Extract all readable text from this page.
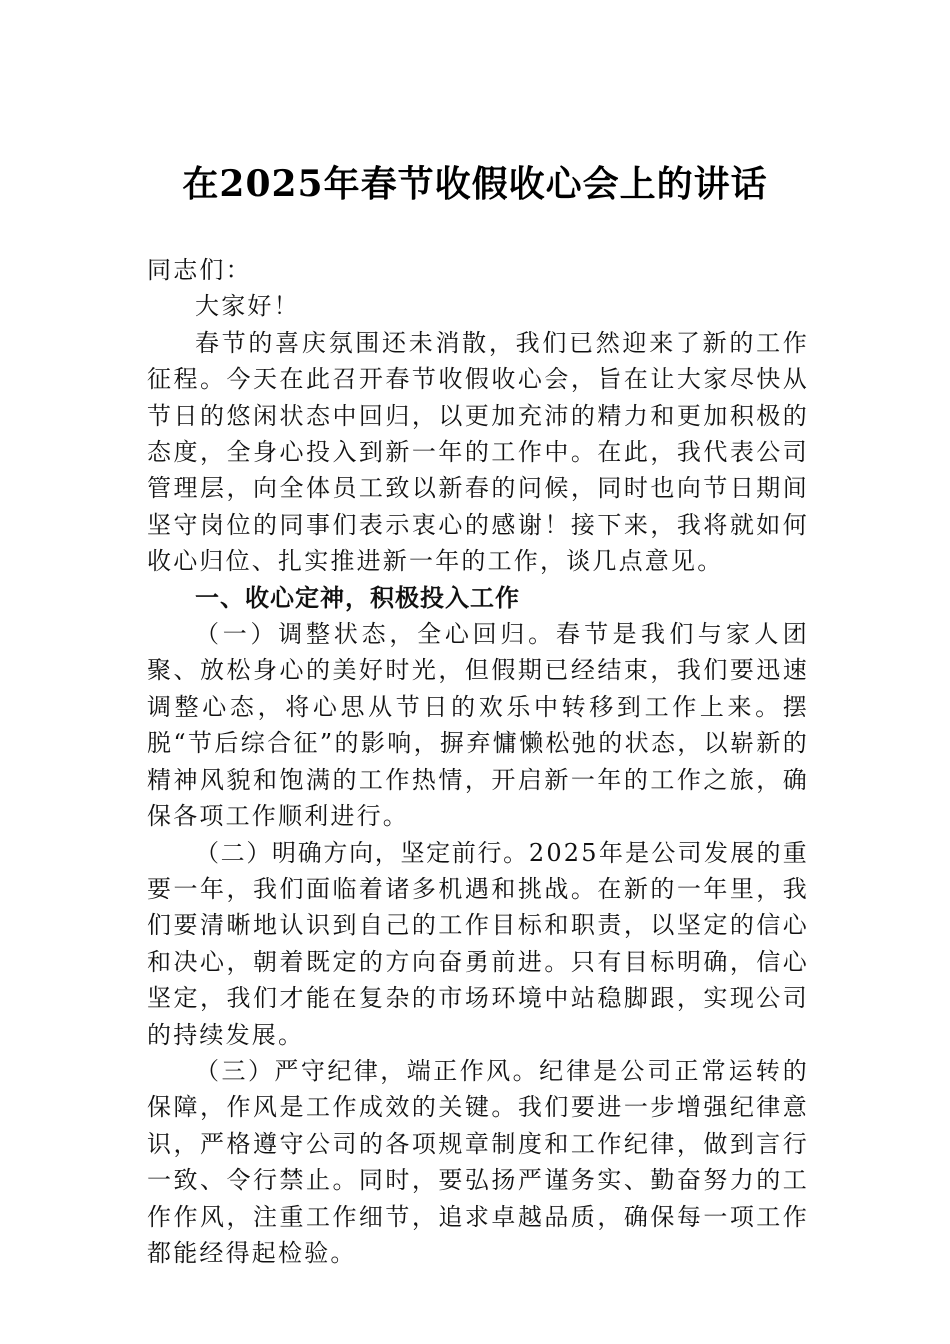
在2025年春节收假收心会上的讲话

同志们：

大家好！

春节的喜庆氛围还未消散，我们已然迎来了新的工作征程。今天在此召开春节收假收心会，旨在让大家尽快从节日的悠闲状态中回归，以更加充沛的精力和更加积极的态度，全身心投入到新一年的工作中。在此，我代表公司管理层，向全体员工致以新春的问候，同时也向节日期间坚守岗位的同事们表示衷心的感谢！接下来，我将就如何收心归位、扎实推进新一年的工作，谈几点意见。

一、收心定神，积极投入工作

（一）调整状态，全心回归。春节是我们与家人团聚、放松身心的美好时光，但假期已经结束，我们要迅速调整心态，将心思从节日的欢乐中转移到工作上来。摆脱“节后综合征”的影响，摒弃慵懒松弛的状态，以崭新的精神风貌和饱满的工作热情，开启新一年的工作之旅，确保各项工作顺利进行。

（二）明确方向，坚定前行。2025年是公司发展的重要一年，我们面临着诸多机遇和挑战。在新的一年里，我们要清晰地认识到自己的工作目标和职责，以坚定的信心和决心，朝着既定的方向奋勇前进。只有目标明确，信心坚定，我们才能在复杂的市场环境中站稳脚跟，实现公司的持续发展。

（三）严守纪律，端正作风。纪律是公司正常运转的保障，作风是工作成效的关键。我们要进一步增强纪律意识，严格遵守公司的各项规章制度和工作纪律，做到言行一致、令行禁止。同时，要弘扬严谨务实、勤奋努力的工作作风，注重工作细节，追求卓越品质，确保每一项工作都能经得起检验。
